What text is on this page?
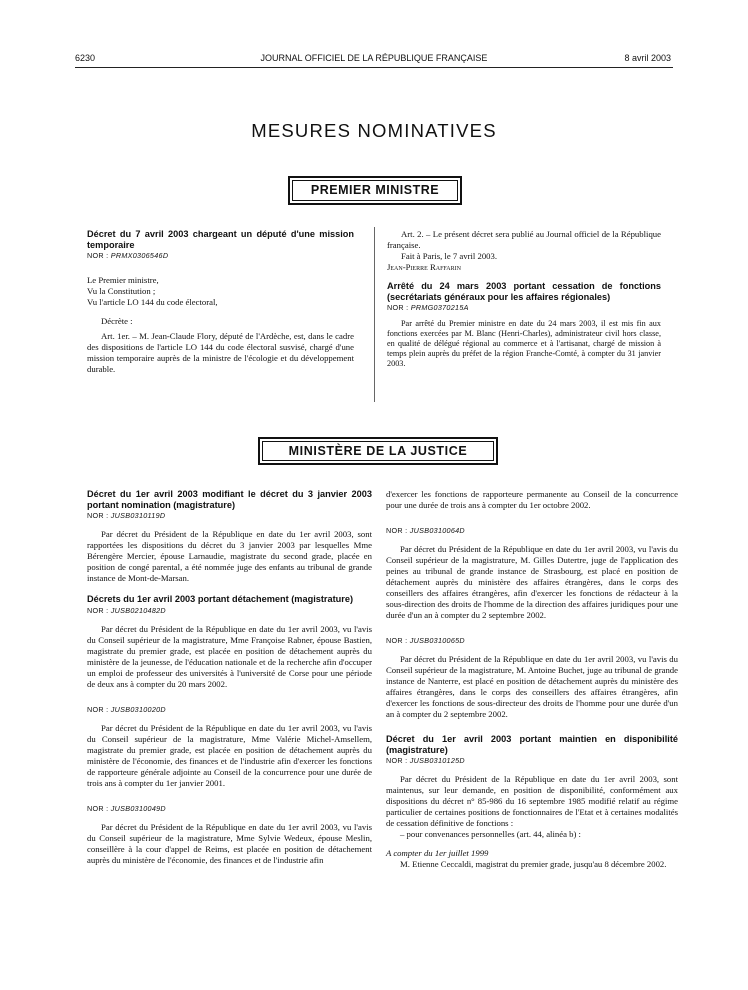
6230	JOURNAL OFFICIEL DE LA RÉPUBLIQUE FRANÇAISE	8 avril 2003
MESURES NOMINATIVES
PREMIER MINISTRE

Décret du 7 avril 2003 chargeant un député d'une mission temporaire

NOR : PRMX0306546D

Le Premier ministre,

Vu la Constitution ;

Vu l'article LO 144 du code électoral,

Décrète :

Art. 1er. – M. Jean-Claude Flory, député de l'Ardèche, est, dans le cadre des dispositions de l'article LO 144 du code électoral susvisé, chargé d'une mission temporaire auprès de la ministre de l'écologie et du développement durable.

Art. 2. – Le présent décret sera publié au Journal officiel de la République française.

Fait à Paris, le 7 avril 2003.

Jean-Pierre Raffarin

Arrêté du 24 mars 2003 portant cessation de fonctions (secrétariats généraux pour les affaires régionales)

NOR : PRMG0370215A

Par arrêté du Premier ministre en date du 24 mars 2003, il est mis fin aux fonctions exercées par M. Blanc (Henri-Charles), administrateur civil hors classe, en qualité de délégué régional au commerce et à l'artisanat, chargé de mission à temps plein auprès du préfet de la région Franche-Comté, à compter du 31 janvier 2003.

MINISTÈRE DE LA JUSTICE

Décret du 1er avril 2003 modifiant le décret du 3 janvier 2003 portant nomination (magistrature)

NOR : JUSB0310119D

Par décret du Président de la République en date du 1er avril 2003, sont rapportées les dispositions du décret du 3 janvier 2003 par lesquelles Mme Bérengère Mercier, épouse Larnaudie, magistrate du second grade, placée en position de congé parental, a été nommée juge des enfants au tribunal de grande instance de Mont-de-Marsan.

Décrets du 1er avril 2003 portant détachement (magistrature)

NOR : JUSB0210482D

Par décret du Président de la République en date du 1er avril 2003, vu l'avis du Conseil supérieur de la magistrature, Mme Françoise Rabner, épouse Bastien, magistrate du premier grade, est placée en position de détachement auprès du ministère de la jeunesse, de l'éducation nationale et de la recherche afin d'occuper un emploi de professeur des universités à l'université de Corse pour une période de deux ans à compter du 20 mars 2002.

NOR : JUSB0310020D

Par décret du Président de la République en date du 1er avril 2003, vu l'avis du Conseil supérieur de la magistrature, Mme Valérie Michel-Amsellem, magistrate du premier grade, est placée en position de détachement auprès du ministère de l'économie, des finances et de l'industrie afin d'exercer les fonctions de rapporteure générale adjointe au Conseil de la concurrence pour une durée de trois ans à compter du 1er janvier 2001.

NOR : JUSB0310049D

Par décret du Président de la République en date du 1er avril 2003, vu l'avis du Conseil supérieur de la magistrature, Mme Sylvie Wedeux, épouse Meslin, conseillère à la cour d'appel de Reims, est placée en position de détachement auprès du ministère de l'économie, des finances et de l'industrie afin

d'exercer les fonctions de rapporteure permanente au Conseil de la concurrence pour une durée de trois ans à compter du 1er octobre 2002.

NOR : JUSB0310064D

Par décret du Président de la République en date du 1er avril 2003, vu l'avis du Conseil supérieur de la magistrature, M. Gilles Dutertre, juge de l'application des peines au tribunal de grande instance de Strasbourg, est placé en position de détachement auprès du ministère des affaires étrangères, dans le corps des conseillers des affaires étrangères, afin d'exercer les fonctions de rédacteur à la sous-direction des droits de l'homme de la direction des affaires juridiques pour une durée d'un an à compter du 2 septembre 2002.

NOR : JUSB0310065D

Par décret du Président de la République en date du 1er avril 2003, vu l'avis du Conseil supérieur de la magistrature, M. Antoine Buchet, juge au tribunal de grande instance de Nanterre, est placé en position de détachement auprès du ministère des affaires étrangères, dans le corps des conseillers des affaires étrangères, afin d'exercer les fonctions de sous-directeur des droits de l'homme pour une durée d'un an à compter du 2 septembre 2002.

Décret du 1er avril 2003 portant maintien en disponibilité (magistrature)

NOR : JUSB0310125D

Par décret du Président de la République en date du 1er avril 2003, sont maintenus, sur leur demande, en position de disponibilité, conformément aux dispositions du décret n° 85-986 du 16 septembre 1985 modifié relatif au régime particulier de certaines positions de fonctionnaires de l'Etat et à certaines modalités de cessation définitive de fonctions :

– pour convenances personnelles (art. 44, alinéa b) :

A compter du 1er juillet 1999

M. Etienne Ceccaldi, magistrat du premier grade, jusqu'au 8 décembre 2002.
